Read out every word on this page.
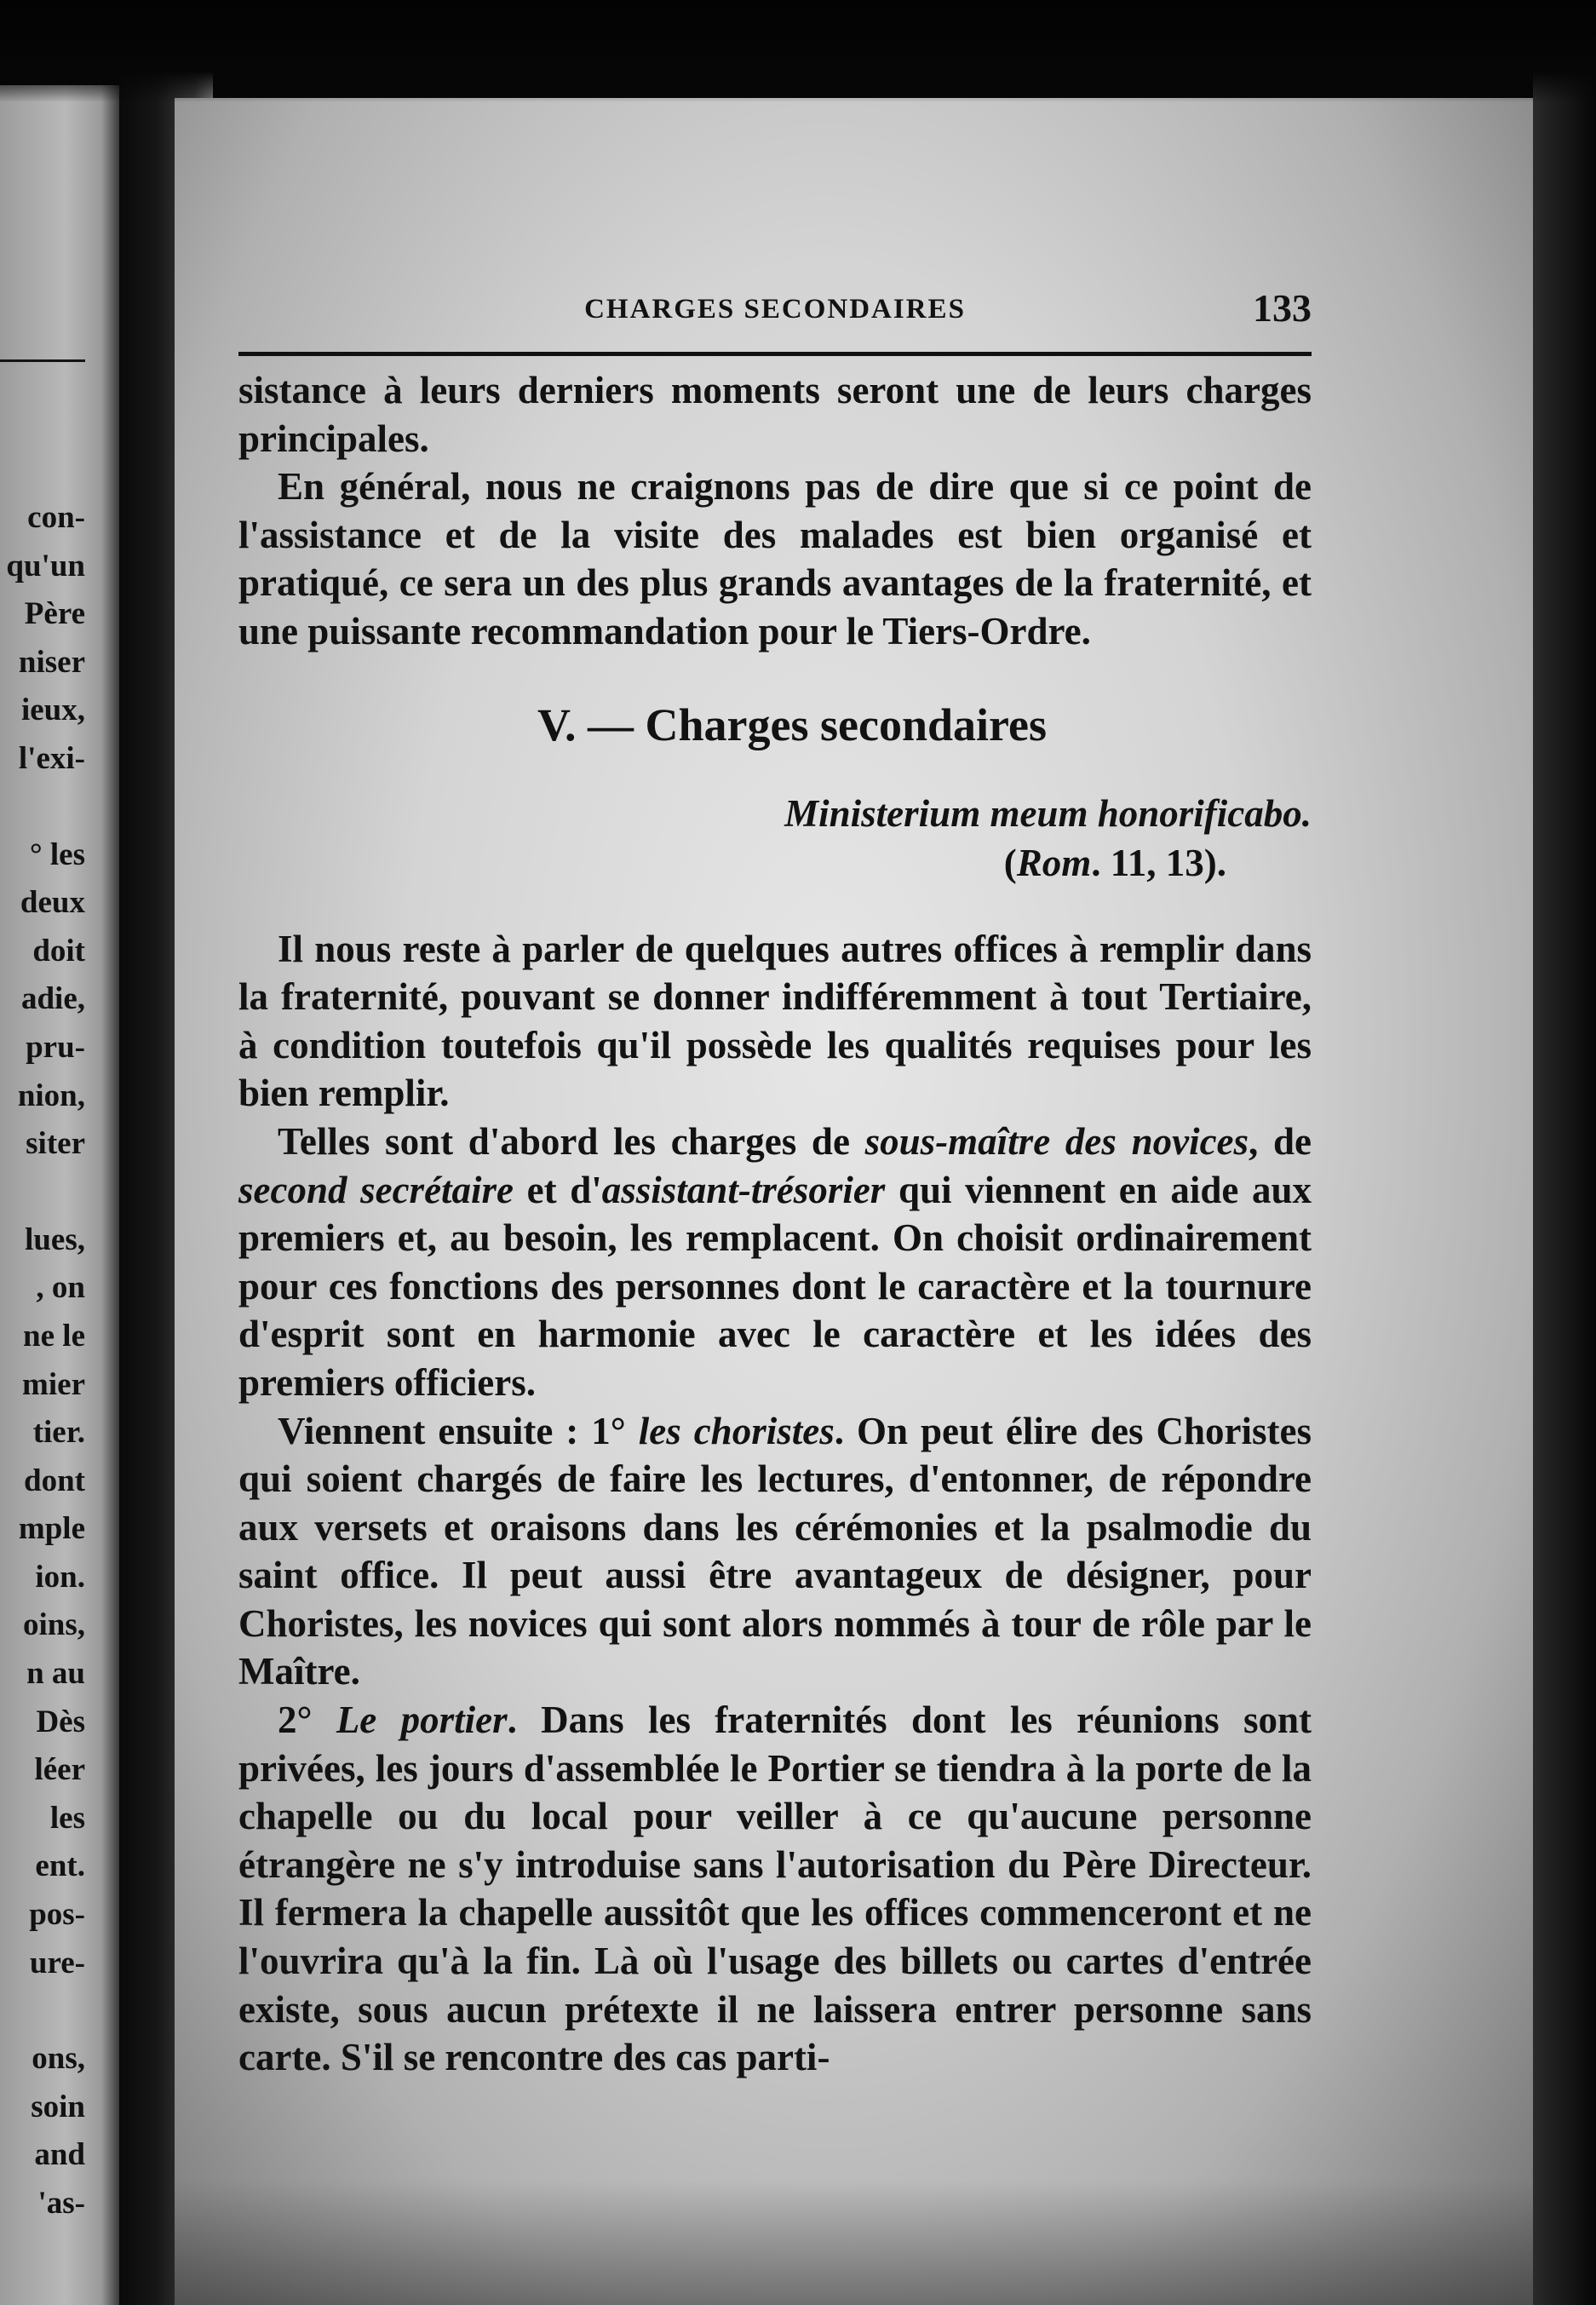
con-
qu'un
Père
niser
ieux,
l'exi-

° les
deux
doit
adie,
pru-
nion,
siter

lues,
, on
ne le
mier
tier.
dont
mple
ion.
oins,
n au
Dès
léer
les
ent.
pos-
ure-

ons,
soin
and
'as-
CHARGES SECONDAIRES	133

sistance à leurs derniers moments seront une de leurs charges principales.

En général, nous ne craignons pas de dire que si ce point de l'assistance et de la visite des malades est bien organisé et pratiqué, ce sera un des plus grands avantages de la fraternité, et une puissante recommandation pour le Tiers-Ordre.

V. — Charges secondaires
Ministerium meum honorificabo.
(Rom. 11, 13).

Il nous reste à parler de quelques autres offices à remplir dans la fraternité, pouvant se donner indifféremment à tout Tertiaire, à condition toutefois qu'il possède les qualités requises pour les bien remplir.

Telles sont d'abord les charges de sous-maître des novices, de second secrétaire et d'assistant-trésorier qui viennent en aide aux premiers et, au besoin, les remplacent. On choisit ordinairement pour ces fonctions des personnes dont le caractère et la tournure d'esprit sont en harmonie avec le caractère et les idées des premiers officiers.

Viennent ensuite : 1° les choristes. On peut élire des Choristes qui soient chargés de faire les lectures, d'entonner, de répondre aux versets et oraisons dans les cérémonies et la psalmodie du saint office. Il peut aussi être avantageux de désigner, pour Choristes, les novices qui sont alors nommés à tour de rôle par le Maître.

2° Le portier. Dans les fraternités dont les réunions sont privées, les jours d'assemblée le Portier se tiendra à la porte de la chapelle ou du local pour veiller à ce qu'aucune personne étrangère ne s'y introduise sans l'autorisation du Père Directeur. Il fermera la chapelle aussitôt que les offices commenceront et ne l'ouvrira qu'à la fin. Là où l'usage des billets ou cartes d'entrée existe, sous aucun prétexte il ne laissera entrer personne sans carte. S'il se rencontre des cas parti-
